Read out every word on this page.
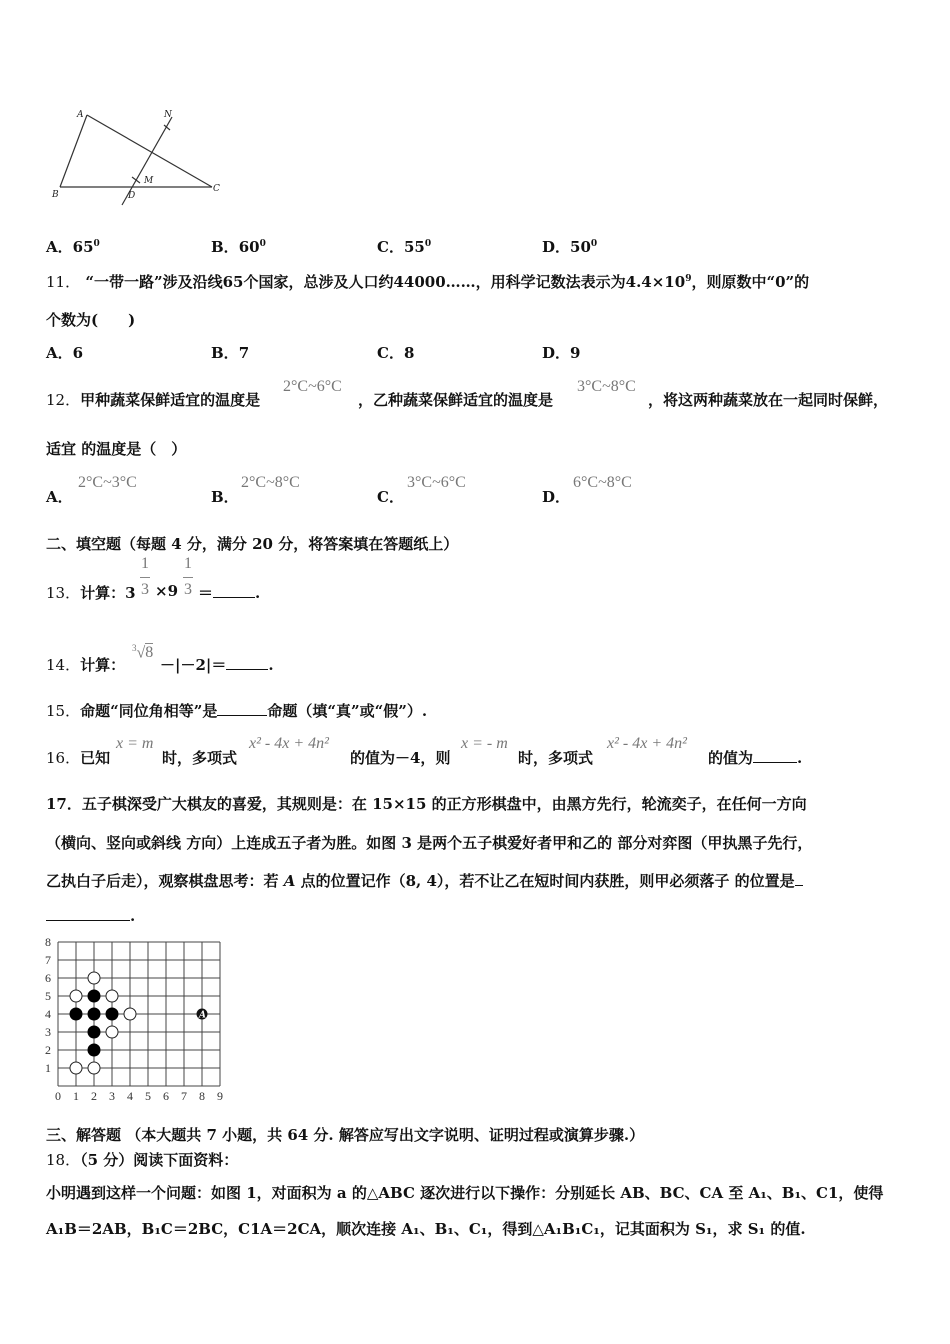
A
B
C
D
M
N
A．$65^0$	B．$60^0$	C．$55^0$	D．$50^0$
11． “一带一路”涉及沿线65个国家，总涉及人口约44000……，用科学记数法表示为$4.4\times 10^9$，则原数中“0”的
个数为(　　)
A．6	B．7	C．8	D．9
12．甲种蔬菜保鲜适宜的温度是
2°C~6°C
，乙种蔬菜保鲜适宜的温度是
3°C~8°C
，将这两种蔬菜放在一起同时保鲜，
适宜 的温度是（　）
A．
2°C~3°C
B．
2°C~8°C
C．
3°C~6°C
D．
6°C~8°C
二、填空题（每题 4 分，满分 20 分，将答案填在答题纸上）
13．计算：3
1
3 ×9
1
3 ＝	.
14．计算：
$^3$√8
－|－2|＝	.
15．命题“同位角相等”是	命题（填“真”或“假”）.
16．已知
x = m
时，多项式
x² - 4x + 4n²
的值为－4，则
x = - m
时，多项式
x² - 4x + 4n²
的值为	.
17．五子棋深受广大棋友的喜爱，其规则是：在 15×15 的正方形棋盘中，由黑方先行，轮流奕子，在任何一方向
（横向、竖向或斜线 方向）上连成五子者为胜。如图 3 是两个五子棋爱好者甲和乙的 部分对弈图（甲执黑子先行，
乙执白子后走），观察棋盘思考：若 A 点的位置记作（8, 4），若不让乙在短时间内获胜，则甲必须落子 的位置是
.
0 1 2 3 4 5 6 7 8 9
1
2
3
4
5
6
7
8
A
三、解答题 （本大题共 7 小题，共 64 分. 解答应写出文字说明、证明过程或演算步骤.）
18．（5 分）阅读下面资料：
小明遇到这样一个问题：如图 1，对面积为 a 的△ABC 逐次进行以下操作：分别延长 AB、BC、CA 至 A₁、B₁、C1，使得
A₁B＝2AB，B₁C＝2BC，C1A＝2CA，顺次连接 A₁、B₁、C₁，得到△A₁B₁C₁，记其面积为 S₁，求 S₁ 的值.
